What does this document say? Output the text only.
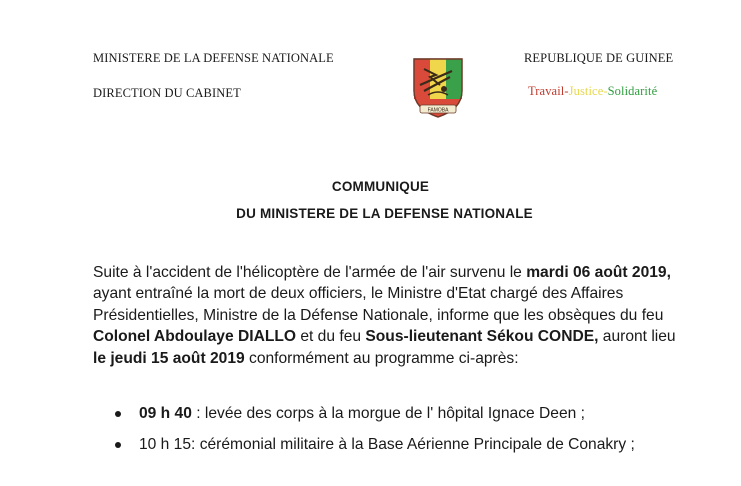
MINISTERE DE LA DEFENSE NATIONALE
DIRECTION DU CABINET
REPUBLIQUE DE GUINEE
Travail-Justice-Solidarité
FAMOBA
COMMUNIQUE
DU MINISTERE DE LA DEFENSE NATIONALE
Suite à l'accident de l'hélicoptère de l'armée de l'air survenu le mardi 06 août 2019, ayant entraîné la mort de deux officiers, le Ministre d'Etat chargé des Affaires Présidentielles, Ministre de la Défense Nationale, informe que les obsèques du feu Colonel Abdoulaye DIALLO et du feu Sous-lieutenant Sékou CONDE, auront lieu le jeudi 15 août 2019 conformément au programme ci-après:
09 h 40 : levée des corps à la morgue de l' hôpital Ignace Deen ;
10 h 15: cérémonial militaire à la Base Aérienne Principale de Conakry ;
